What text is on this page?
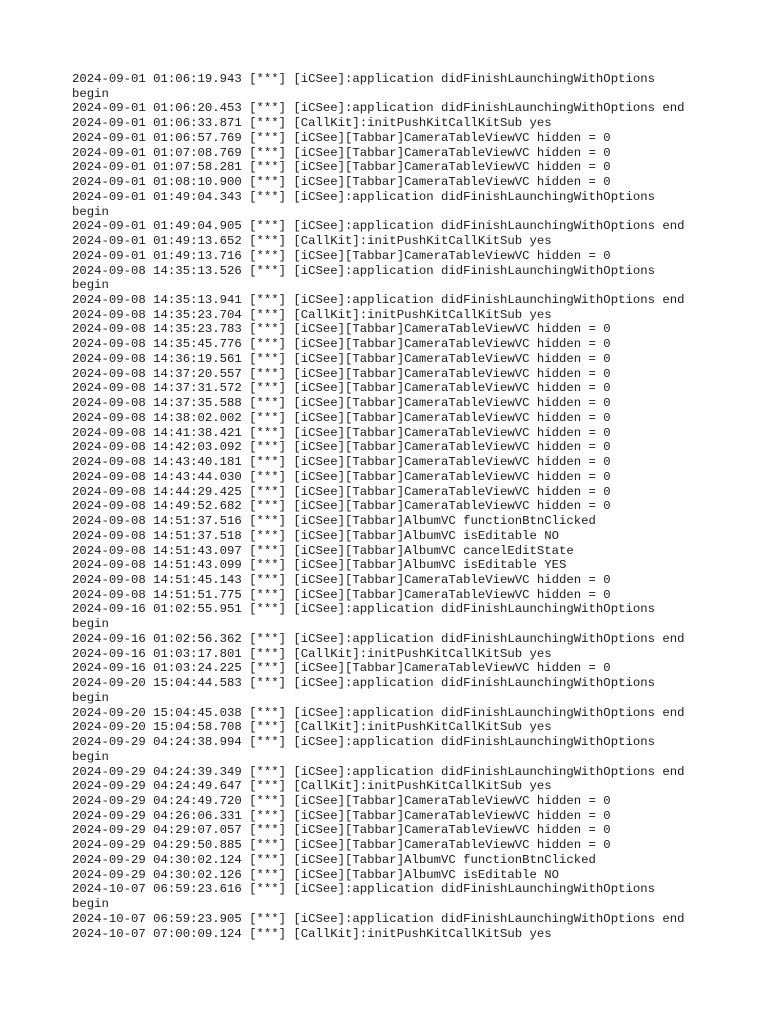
2024-09-01 01:06:19.943 [***] [iCSee]:application didFinishLaunchingWithOptions
begin
2024-09-01 01:06:20.453 [***] [iCSee]:application didFinishLaunchingWithOptions end
2024-09-01 01:06:33.871 [***] [CallKit]:initPushKitCallKitSub yes
2024-09-01 01:06:57.769 [***] [iCSee][Tabbar]CameraTableViewVC hidden = 0
2024-09-01 01:07:08.769 [***] [iCSee][Tabbar]CameraTableViewVC hidden = 0
2024-09-01 01:07:58.281 [***] [iCSee][Tabbar]CameraTableViewVC hidden = 0
2024-09-01 01:08:10.900 [***] [iCSee][Tabbar]CameraTableViewVC hidden = 0
2024-09-01 01:49:04.343 [***] [iCSee]:application didFinishLaunchingWithOptions
begin
2024-09-01 01:49:04.905 [***] [iCSee]:application didFinishLaunchingWithOptions end
2024-09-01 01:49:13.652 [***] [CallKit]:initPushKitCallKitSub yes
2024-09-01 01:49:13.716 [***] [iCSee][Tabbar]CameraTableViewVC hidden = 0
2024-09-08 14:35:13.526 [***] [iCSee]:application didFinishLaunchingWithOptions
begin
2024-09-08 14:35:13.941 [***] [iCSee]:application didFinishLaunchingWithOptions end
2024-09-08 14:35:23.704 [***] [CallKit]:initPushKitCallKitSub yes
2024-09-08 14:35:23.783 [***] [iCSee][Tabbar]CameraTableViewVC hidden = 0
2024-09-08 14:35:45.776 [***] [iCSee][Tabbar]CameraTableViewVC hidden = 0
2024-09-08 14:36:19.561 [***] [iCSee][Tabbar]CameraTableViewVC hidden = 0
2024-09-08 14:37:20.557 [***] [iCSee][Tabbar]CameraTableViewVC hidden = 0
2024-09-08 14:37:31.572 [***] [iCSee][Tabbar]CameraTableViewVC hidden = 0
2024-09-08 14:37:35.588 [***] [iCSee][Tabbar]CameraTableViewVC hidden = 0
2024-09-08 14:38:02.002 [***] [iCSee][Tabbar]CameraTableViewVC hidden = 0
2024-09-08 14:41:38.421 [***] [iCSee][Tabbar]CameraTableViewVC hidden = 0
2024-09-08 14:42:03.092 [***] [iCSee][Tabbar]CameraTableViewVC hidden = 0
2024-09-08 14:43:40.181 [***] [iCSee][Tabbar]CameraTableViewVC hidden = 0
2024-09-08 14:43:44.030 [***] [iCSee][Tabbar]CameraTableViewVC hidden = 0
2024-09-08 14:44:29.425 [***] [iCSee][Tabbar]CameraTableViewVC hidden = 0
2024-09-08 14:49:52.682 [***] [iCSee][Tabbar]CameraTableViewVC hidden = 0
2024-09-08 14:51:37.516 [***] [iCSee][Tabbar]AlbumVC functionBtnClicked
2024-09-08 14:51:37.518 [***] [iCSee][Tabbar]AlbumVC isEditable NO
2024-09-08 14:51:43.097 [***] [iCSee][Tabbar]AlbumVC cancelEditState
2024-09-08 14:51:43.099 [***] [iCSee][Tabbar]AlbumVC isEditable YES
2024-09-08 14:51:45.143 [***] [iCSee][Tabbar]CameraTableViewVC hidden = 0
2024-09-08 14:51:51.775 [***] [iCSee][Tabbar]CameraTableViewVC hidden = 0
2024-09-16 01:02:55.951 [***] [iCSee]:application didFinishLaunchingWithOptions
begin
2024-09-16 01:02:56.362 [***] [iCSee]:application didFinishLaunchingWithOptions end
2024-09-16 01:03:17.801 [***] [CallKit]:initPushKitCallKitSub yes
2024-09-16 01:03:24.225 [***] [iCSee][Tabbar]CameraTableViewVC hidden = 0
2024-09-20 15:04:44.583 [***] [iCSee]:application didFinishLaunchingWithOptions
begin
2024-09-20 15:04:45.038 [***] [iCSee]:application didFinishLaunchingWithOptions end
2024-09-20 15:04:58.708 [***] [CallKit]:initPushKitCallKitSub yes
2024-09-29 04:24:38.994 [***] [iCSee]:application didFinishLaunchingWithOptions
begin
2024-09-29 04:24:39.349 [***] [iCSee]:application didFinishLaunchingWithOptions end
2024-09-29 04:24:49.647 [***] [CallKit]:initPushKitCallKitSub yes
2024-09-29 04:24:49.720 [***] [iCSee][Tabbar]CameraTableViewVC hidden = 0
2024-09-29 04:26:06.331 [***] [iCSee][Tabbar]CameraTableViewVC hidden = 0
2024-09-29 04:29:07.057 [***] [iCSee][Tabbar]CameraTableViewVC hidden = 0
2024-09-29 04:29:50.885 [***] [iCSee][Tabbar]CameraTableViewVC hidden = 0
2024-09-29 04:30:02.124 [***] [iCSee][Tabbar]AlbumVC functionBtnClicked
2024-09-29 04:30:02.126 [***] [iCSee][Tabbar]AlbumVC isEditable NO
2024-10-07 06:59:23.616 [***] [iCSee]:application didFinishLaunchingWithOptions
begin
2024-10-07 06:59:23.905 [***] [iCSee]:application didFinishLaunchingWithOptions end
2024-10-07 07:00:09.124 [***] [CallKit]:initPushKitCallKitSub yes
